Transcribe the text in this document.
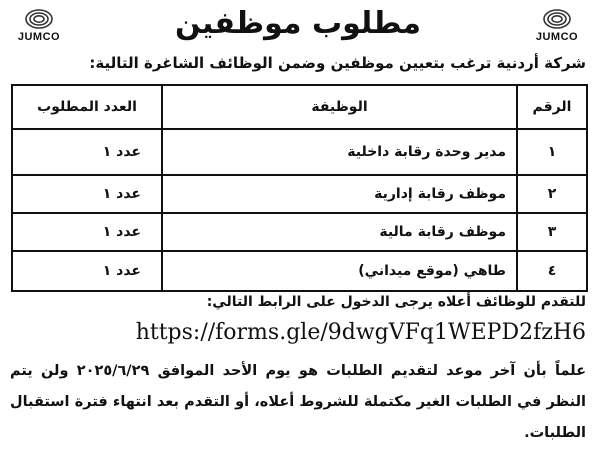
JUMCO	JUMCO
مطلوب موظفين
شركة أردنية ترغب بتعيين موظفين وضمن الوظائف الشاغرة التالية:
الرقم	الوظيفة	العدد المطلوب
١	مدير وحدة رقابة داخلية	عدد ١
٢	موظف رقابة إدارية	عدد ١
٣	موظف رقابة مالية	عدد ١
٤	طاهي (موقع ميداني)	عدد ١
للتقدم للوظائف أعلاه يرجى الدخول على الرابط التالي:
https://forms.gle/9dwgVFq1WEPD2fzH6
علماً بأن آخر موعد لتقديم الطلبات هو يوم الأحد الموافق ٢٠٢٥/٦/٢٩ ولن يتم النظر في الطلبات الغير مكتملة للشروط أعلاه، أو التقدم بعد انتهاء فترة استقبال الطلبات.
